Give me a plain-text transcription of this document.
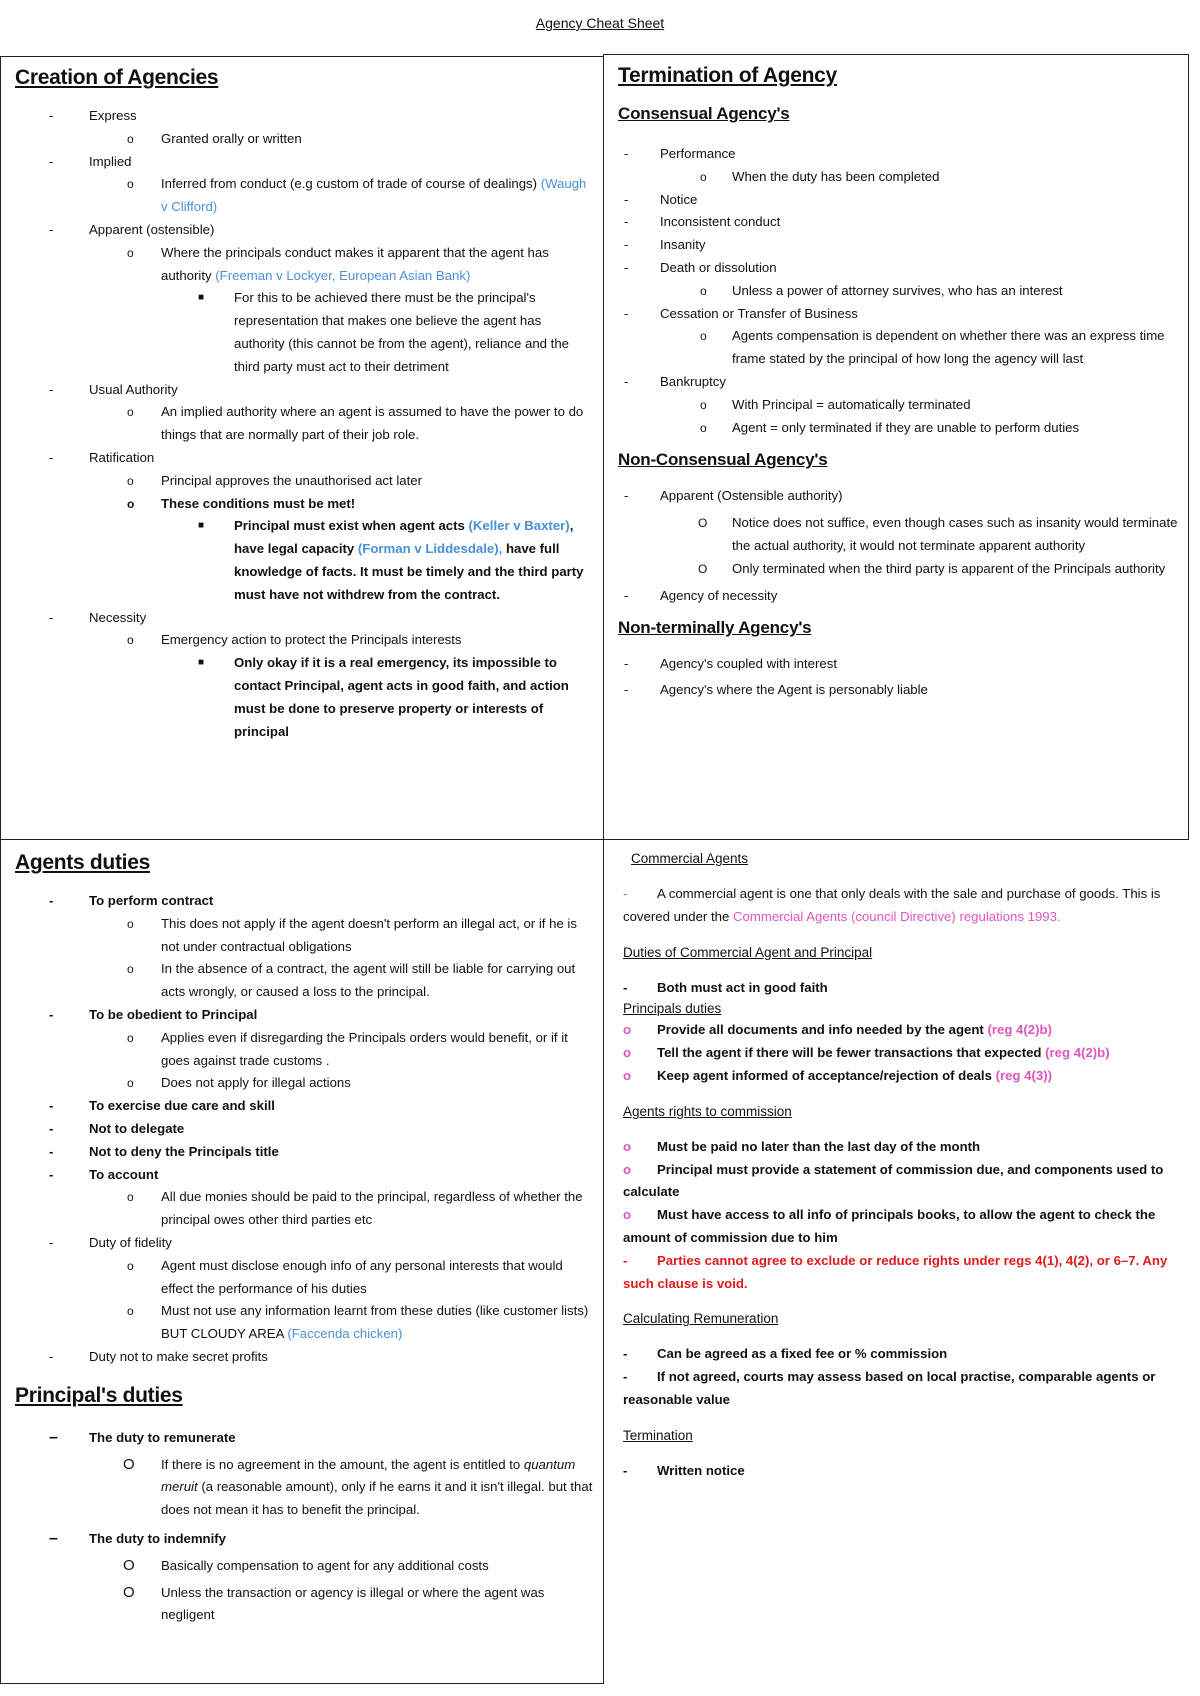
Agency Cheat Sheet
Creation of Agencies
-	Express
o Granted orally or written
-	Implied
o Inferred from conduct (e.g custom of trade of course of dealings) (Waugh v Clifford)
-	Apparent (ostensible)
o Where the principals conduct makes it apparent that the agent has authority (Freeman v Lockyer, European Asian Bank)
■ For this to be achieved there must be the principal's representation that makes one believe the agent has authority (this cannot be from the agent), reliance and the third party must act to their detriment
-	Usual Authority
o An implied authority where an agent is assumed to have the power to do things that are normally part of their job role.
-	Ratification
o Principal approves the unauthorised act later
o These conditions must be met!
■ Principal must exist when agent acts (Keller v Baxter), have legal capacity (Forman v Liddesdale), have full knowledge of facts. It must be timely and the third party must have not withdrew from the contract.
-	Necessity
o Emergency action to protect the Principals interests
■ Only okay if it is a real emergency, its impossible to contact Principal, agent acts in good faith, and action must be done to preserve property or interests of principal
Termination of Agency
Consensual Agency's
- Performance
o When the duty has been completed
- Notice
- Inconsistent conduct
- Insanity
- Death or dissolution
o Unless a power of attorney survives, who has an interest
- Cessation or Transfer of Business
o Agents compensation is dependent on whether there was an express time frame stated by the principal of how long the agency will last
- Bankruptcy
o With Principal = automatically terminated
o Agent = only terminated if they are unable to perform duties
Non-Consensual Agency's
- Apparent (Ostensible authority)
O Notice does not suffice, even though cases such as insanity would terminate the actual authority, it would not terminate apparent authority
O Only terminated when the third party is apparent of the Principals authority
- Agency of necessity
Non-terminally Agency's
- Agency's coupled with interest
- Agency's where the Agent is personably liable
Agents duties
-	To perform contract
o This does not apply if the agent doesn't perform an illegal act, or if he is not under contractual obligations
o In the absence of a contract, the agent will still be liable for carrying out acts wrongly, or caused a loss to the principal.
-	To be obedient to Principal
o Applies even if disregarding the Principals orders would benefit, or if it goes against trade customs .
o Does not apply for illegal actions
-	To exercise due care and skill
-	Not to delegate
-	Not to deny the Principals title
-	To account
o All due monies should be paid to the principal, regardless of whether the principal owes other third parties etc
-	Duty of fidelity
o Agent must disclose enough info of any personal interests that would effect the performance of his duties
o Must not use any information learnt from these duties (like customer lists) BUT CLOUDY AREA (Faccenda chicken)
-	Duty not to make secret profits
Principal's duties
– The duty to remunerate
O If there is no agreement in the amount, the agent is entitled to quantum meruit (a reasonable amount), only if he earns it and it isn't illegal. but that does not mean it has to benefit the principal.
– The duty to indemnify
O Basically compensation to agent for any additional costs
O Unless the transaction or agency is illegal or where the agent was negligent
Commercial Agents
- A commercial agent is one that only deals with the sale and purchase of goods. This is covered under the Commercial Agents (council Directive) regulations 1993.
Duties of Commercial Agent and Principal
- Both must act in good faith
Principals duties
o Provide all documents and info needed by the agent (reg 4(2)b)
o Tell the agent if there will be fewer transactions that expected (reg 4(2)b)
o Keep agent informed of acceptance/rejection of deals (reg 4(3))
Agents rights to commission
o Must be paid no later than the last day of the month
o Principal must provide a statement of commission due, and components used to calculate
o Must have access to all info of principals books, to allow the agent to check the amount of commission due to him
- Parties cannot agree to exclude or reduce rights under regs 4(1), 4(2), or 6–7. Any such clause is void.
Calculating Remuneration
- Can be agreed as a fixed fee or % commission
- If not agreed, courts may assess based on local practise, comparable agents or reasonable value
Termination
- Written notice
